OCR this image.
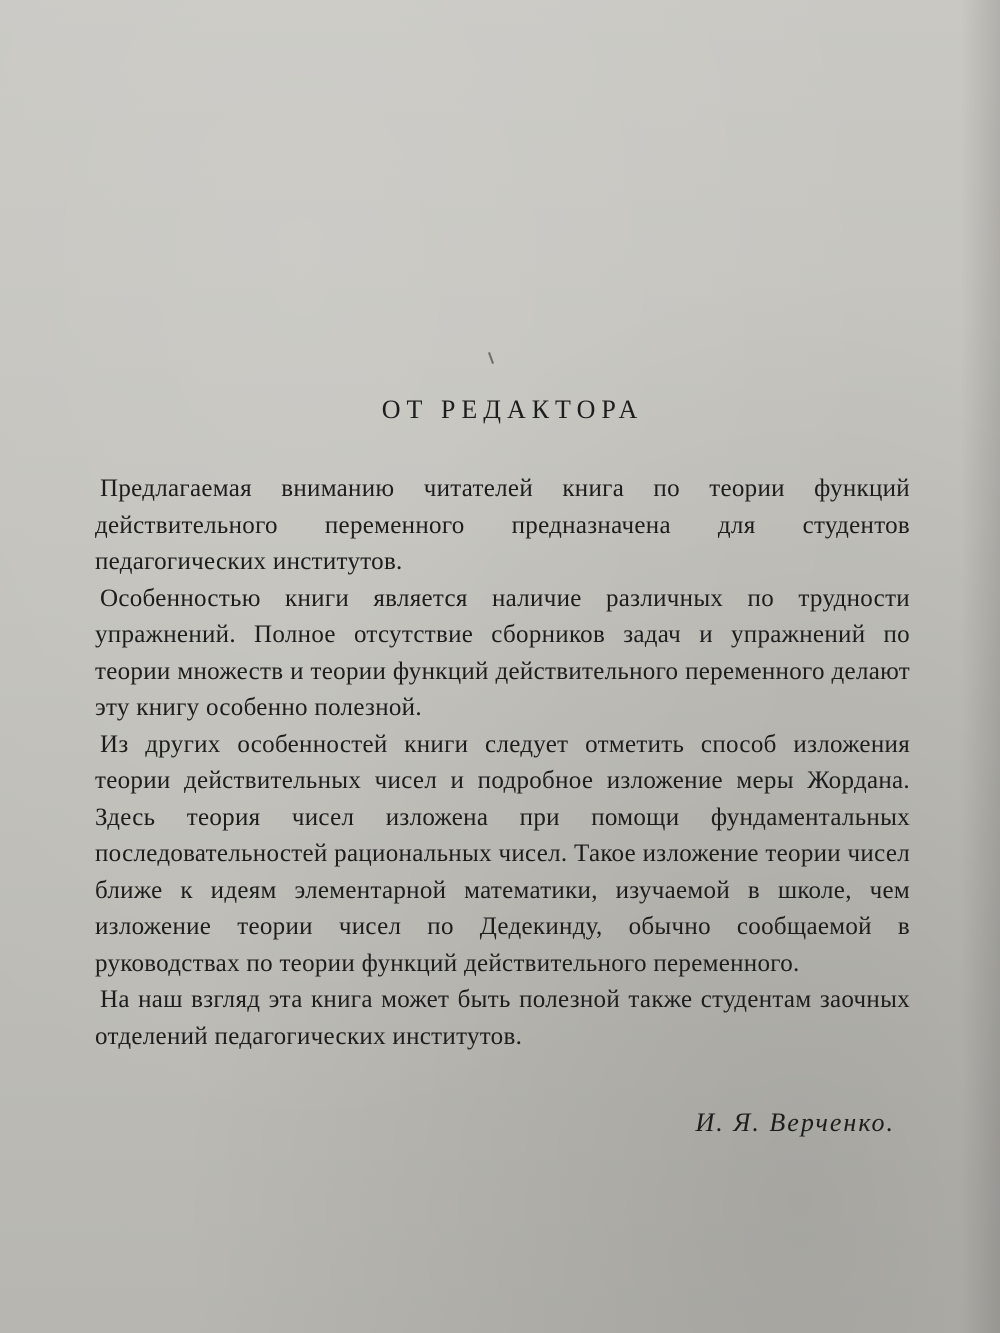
ОТ РЕДАКТОРА

Предлагаемая вниманию читателей книга по теории функций действительного переменного предназначена для студентов педагогических институтов.

Особенностью книги является наличие различных по трудности упражнений. Полное отсутствие сборников задач и упражнений по теории множеств и теории функций действительного переменного делают эту книгу особенно полезной.

Из других особенностей книги следует отметить способ изложения теории действительных чисел и подробное изложение меры Жордана. Здесь теория чисел изложена при помощи фундаментальных последовательностей рациональных чисел. Такое изложение теории чисел ближе к идеям элементарной математики, изучаемой в школе, чем изложение теории чисел по Дедекинду, обычно сообщаемой в руководствах по теории функций действительного переменного.

На наш взгляд эта книга может быть полезной также студентам заочных отделений педагогических институтов.

И. Я. Верченко.
